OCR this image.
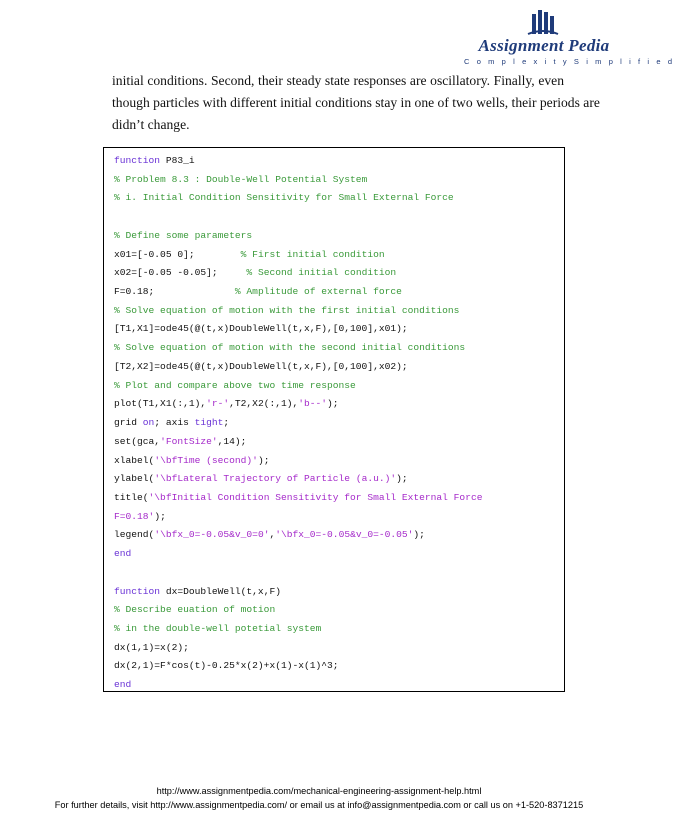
Assignment Pedia
C o m p l e x i t y S i m p l i f i e d
initial conditions. Second, their steady state responses are oscillatory. Finally, even
though particles with different initial conditions stay in one of two wells, their periods are
didn’t change.
function P83_i
% Problem 8.3 : Double-Well Potential System
% i. Initial Condition Sensitivity for Small External Force

% Define some parameters
x01=[-0.05 0];        % First initial condition
x02=[-0.05 -0.05];     % Second initial condition
F=0.18;              % Amplitude of external force
% Solve equation of motion with the first initial conditions
[T1,X1]=ode45(@(t,x)DoubleWell(t,x,F),[0,100],x01);
% Solve equation of motion with the second initial conditions
[T2,X2]=ode45(@(t,x)DoubleWell(t,x,F),[0,100],x02);
% Plot and compare above two time response
plot(T1,X1(:,1),'r-',T2,X2(:,1),'b--');
grid on; axis tight;
set(gca,'FontSize',14);
xlabel('\bfTime (second)');
ylabel('\bfLateral Trajectory of Particle (a.u.)');
title('\bfInitial Condition Sensitivity for Small External Force
F=0.18');
legend('\bfx_0=-0.05&v_0=0','\bfx_0=-0.05&v_0=-0.05');
end

function dx=DoubleWell(t,x,F)
% Describe euation of motion
% in the double-well potetial system
dx(1,1)=x(2);
dx(2,1)=F*cos(t)-0.25*x(2)+x(1)-x(1)^3;
end
http://www.assignmentpedia.com/mechanical-engineering-assignment-help.html
For further details, visit http://www.assignmentpedia.com/ or email us at info@assignmentpedia.com or call us on +1-520-8371215
